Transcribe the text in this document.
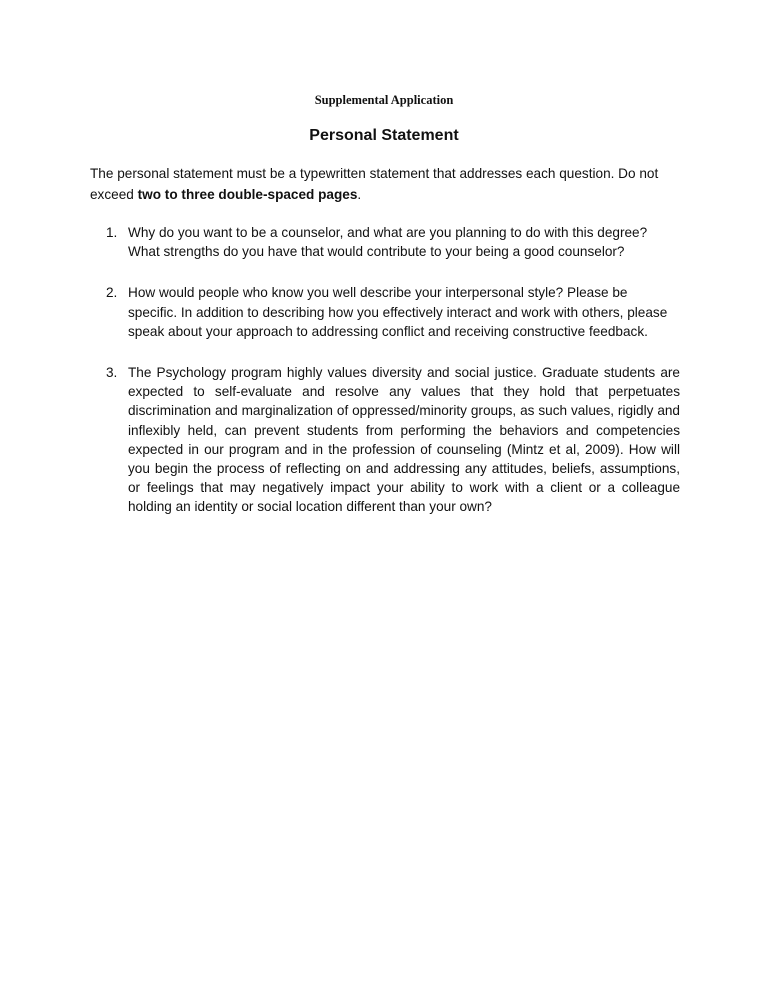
Supplemental Application
Personal Statement

The personal statement must be a typewritten statement that addresses each question. Do not exceed two to three double-spaced pages.

1. Why do you want to be a counselor, and what are you planning to do with this degree? What strengths do you have that would contribute to your being a good counselor?
2. How would people who know you well describe your interpersonal style? Please be specific. In addition to describing how you effectively interact and work with others, please speak about your approach to addressing conflict and receiving constructive feedback.
3. The Psychology program highly values diversity and social justice. Graduate students are expected to self-evaluate and resolve any values that they hold that perpetuates discrimination and marginalization of oppressed/minority groups, as such values, rigidly and inflexibly held, can prevent students from performing the behaviors and competencies expected in our program and in the profession of counseling (Mintz et al, 2009). How will you begin the process of reflecting on and addressing any attitudes, beliefs, assumptions, or feelings that may negatively impact your ability to work with a client or a colleague holding an identity or social location different than your own?
